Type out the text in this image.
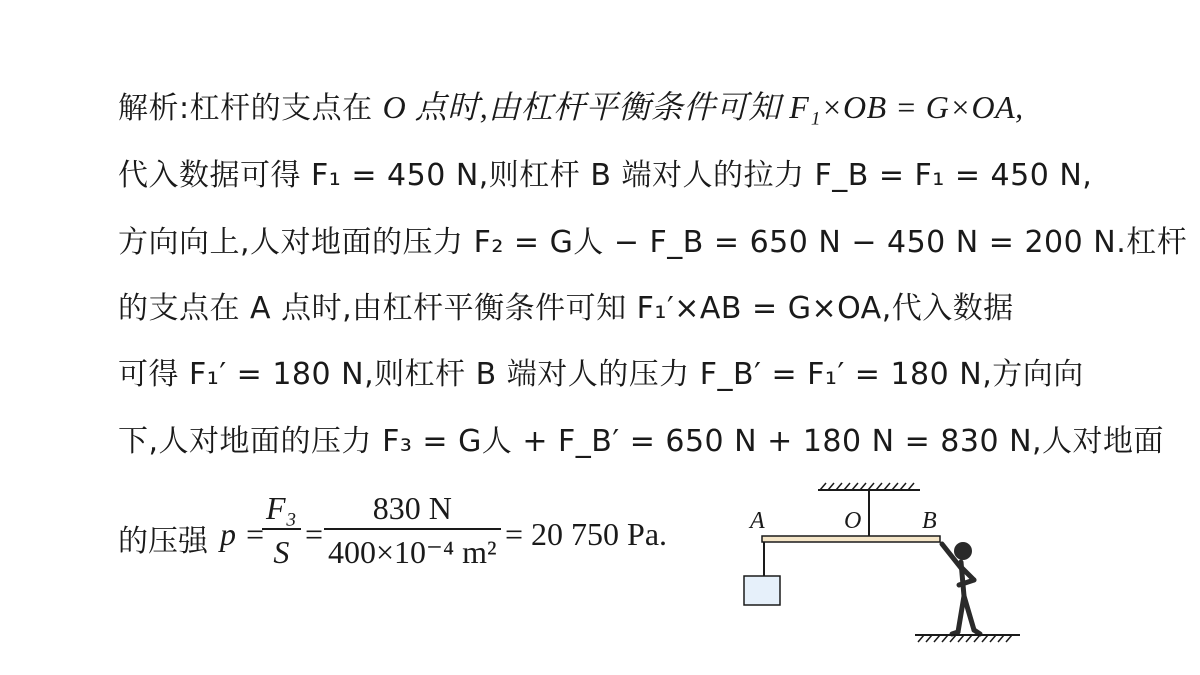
解析:杠杆的支点在 O 点时,由杠杆平衡条件可知 F₁×OB = G×OA,
代入数据可得 F₁ = 450 N,则杠杆 B 端对人的拉力 F_B = F₁ = 450 N,
方向向上,人对地面的压力 F₂ = G人 − F_B = 650 N − 450 N = 200 N.杠杆
的支点在 A 点时,由杠杆平衡条件可知 F₁′×AB = G×OA,代入数据
可得 F₁′ = 180 N,则杠杆 B 端对人的压力 F_B′ = F₁′ = 180 N,方向向
下,人对地面的压力 F₃ = G人 + F_B′ = 650 N + 180 N = 830 N,人对地面
的压强 p =
F₃
S =
830 N
400×10⁻⁴ m² = 20 750 Pa.	A	O	B
